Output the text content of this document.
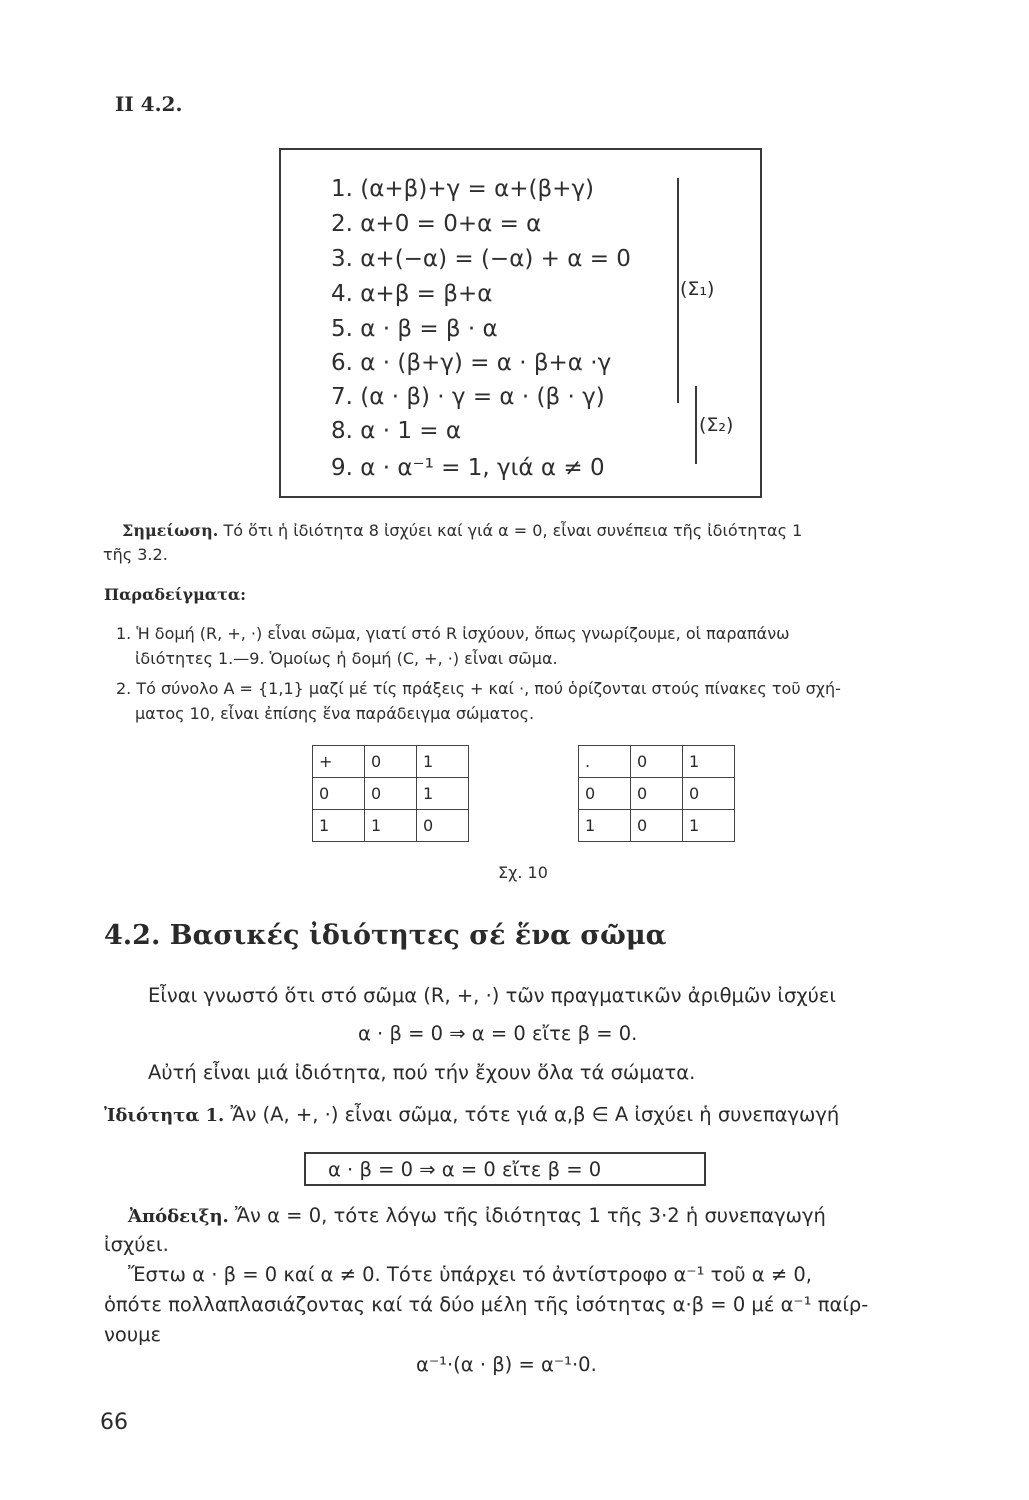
II 4.2.
1. (α+β)+γ = α+(β+γ)
2. α+0 = 0+α = α
3. α+(−α) = (−α) + α = 0
4. α+β = β+α
5. α · β = β · α
6. α · (β+γ) = α · β+α ·γ
7. (α · β) · γ = α · (β · γ)
8. α · 1 = α
9. α · α⁻¹ = 1, γιά α ≠ 0
(Σ₁)
(Σ₂)
Σημείωση. Τό ὅτι ἡ ἰδιότητα 8 ἰσχύει καί γιά α = 0, εἶναι συνέπεια τῆς ἰδιότητας 1
τῆς 3.2.
Παραδείγματα:
1. Ἡ δομή (R, +, ·) εἶναι σῶμα, γιατί στό R ἰσχύουν, ὅπως γνωρίζουμε, οἱ παραπάνω
ἰδιότητες 1.—9. Ὁμοίως ἡ δομή (C, +, ·) εἶναι σῶμα.
2. Τό σύνολο Α = {1,1} μαζί μέ τίς πράξεις + καί ·, πού ὁρίζονται στούς πίνακες τοῦ σχή-
ματος 10, εἶναι ἐπίσης ἕνα παράδειγμα σώματος.
+	0	1
0	0	1
1	1	0
.	0	1
0	0	0
1	0	1
Σχ. 10
4.2. Βασικές ἰδιότητες σέ ἕνα σῶμα
Εἶναι γνωστό ὅτι στό σῶμα (R, +, ·) τῶν πραγματικῶν ἀριθμῶν ἰσχύει
α · β = 0 ⇒ α = 0 εἴτε β = 0.
Αὐτή εἶναι μιά ἰδιότητα, πού τήν ἔχουν ὅλα τά σώματα.
Ἰδιότητα 1. Ἄν (Α, +, ·) εἶναι σῶμα, τότε γιά α,β ∈ Α ἰσχύει ἡ συνεπαγωγή
α · β = 0 ⇒ α = 0 εἴτε β = 0
Ἀπόδειξη. Ἄν α = 0, τότε λόγω τῆς ἰδιότητας 1 τῆς 3·2 ἡ συνεπαγωγή
ἰσχύει.
Ἔστω α · β = 0 καί α ≠ 0. Τότε ὑπάρχει τό ἀντίστροφο α⁻¹ τοῦ α ≠ 0,
ὁπότε πολλαπλασιάζοντας καί τά δύο μέλη τῆς ἰσότητας α·β = 0 μέ α⁻¹ παίρ-
νουμε
α⁻¹·(α · β) = α⁻¹·0.
66
